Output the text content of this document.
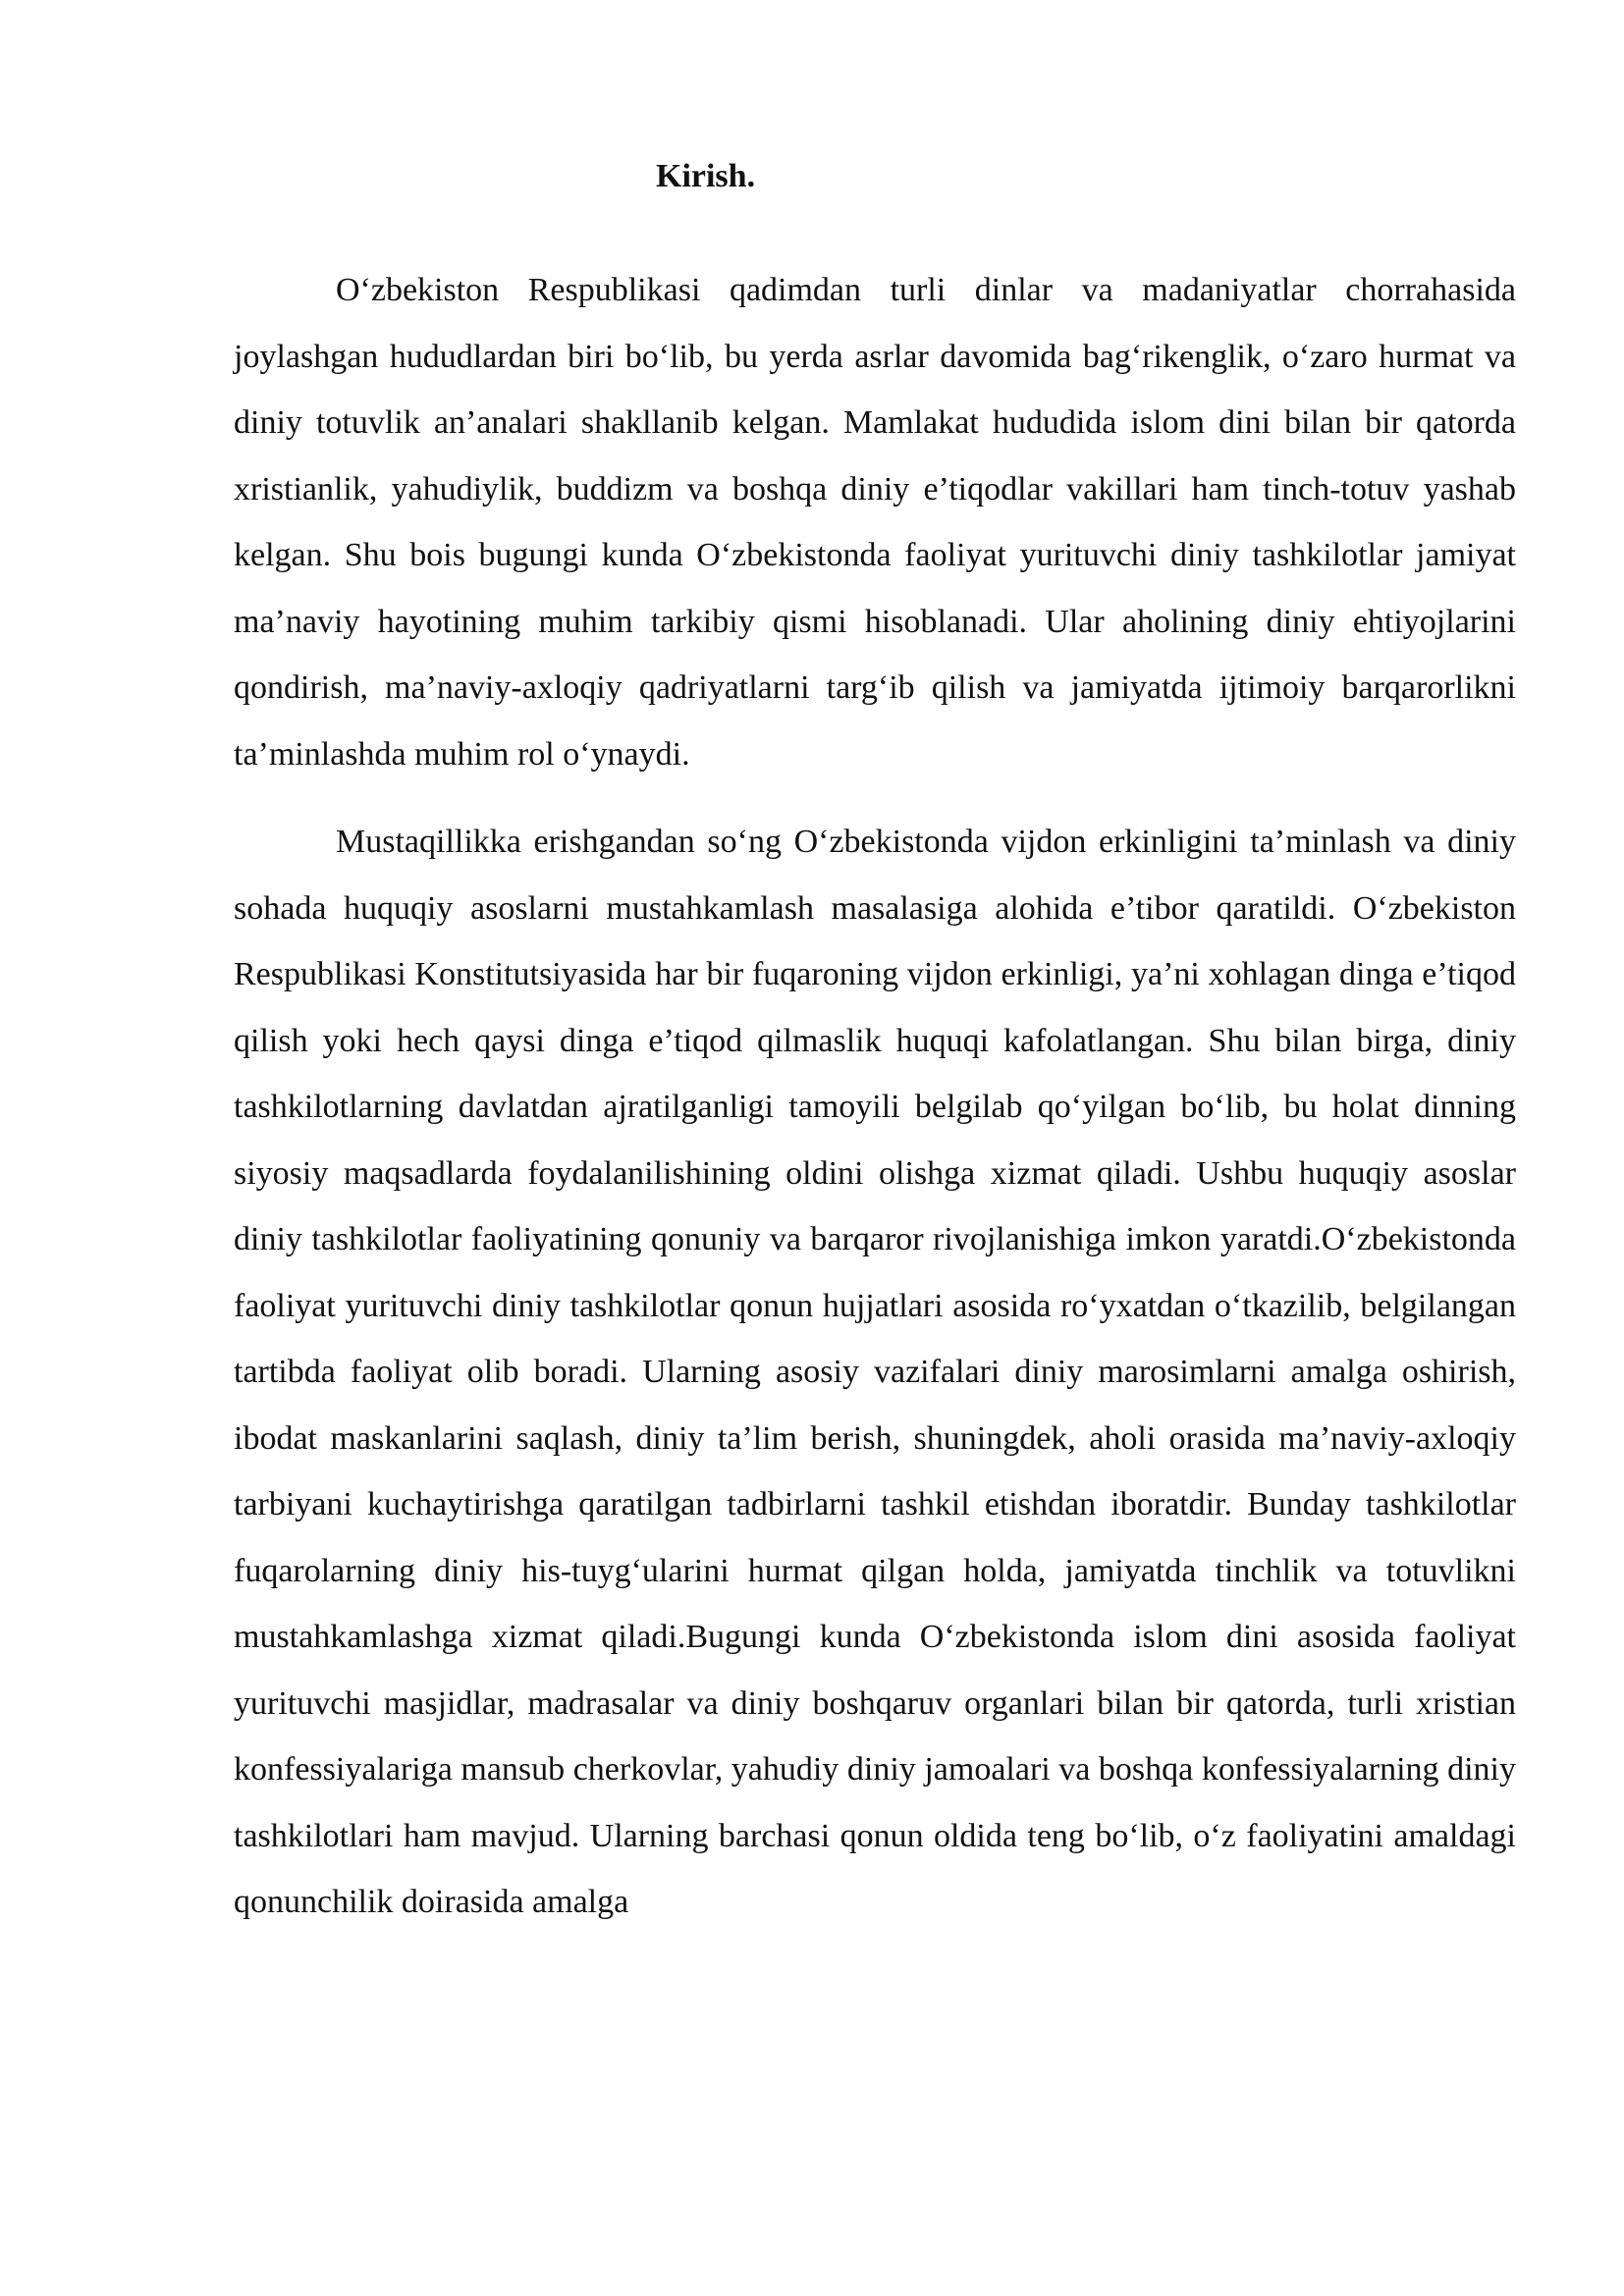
Kirish.

O‘zbekiston Respublikasi qadimdan turli dinlar va madaniyatlar chorrahasida joylashgan hududlardan biri bo‘lib, bu yerda asrlar davomida bag‘rikenglik, o‘zaro hurmat va diniy totuvlik an’analari shakllanib kelgan. Mamlakat hududida islom dini bilan bir qatorda xristianlik, yahudiylik, buddizm va boshqa diniy e’tiqodlar vakillari ham tinch-totuv yashab kelgan. Shu bois bugungi kunda O‘zbekistonda faoliyat yurituvchi diniy tashkilotlar jamiyat ma’naviy hayotining muhim tarkibiy qismi hisoblanadi. Ular aholining diniy ehtiyojlarini qondirish, ma’naviy-axloqiy qadriyatlarni targ‘ib qilish va jamiyatda ijtimoiy barqarorlikni ta’minlashda muhim rol o‘ynaydi.

Mustaqillikka erishgandan so‘ng O‘zbekistonda vijdon erkinligini ta’minlash va diniy sohada huquqiy asoslarni mustahkamlash masalasiga alohida e’tibor qaratildi. O‘zbekiston Respublikasi Konstitutsiyasida har bir fuqaroning vijdon erkinligi, ya’ni xohlagan dinga e’tiqod qilish yoki hech qaysi dinga e’tiqod qilmaslik huquqi kafolatlangan. Shu bilan birga, diniy tashkilotlarning davlatdan ajratilganligi tamoyili belgilab qo‘yilgan bo‘lib, bu holat dinning siyosiy maqsadlarda foydalanilishining oldini olishga xizmat qiladi. Ushbu huquqiy asoslar diniy tashkilotlar faoliyatining qonuniy va barqaror rivojlanishiga imkon yaratdi.O‘zbekistonda faoliyat yurituvchi diniy tashkilotlar qonun hujjatlari asosida ro‘yxatdan o‘tkazilib, belgilangan tartibda faoliyat olib boradi. Ularning asosiy vazifalari diniy marosimlarni amalga oshirish, ibodat maskanlarini saqlash, diniy ta’lim berish, shuningdek, aholi orasida ma’naviy-axloqiy tarbiyani kuchaytirishga qaratilgan tadbirlarni tashkil etishdan iboratdir. Bunday tashkilotlar fuqarolarning diniy his-tuyg‘ularini hurmat qilgan holda, jamiyatda tinchlik va totuvlikni mustahkamlashga xizmat qiladi.Bugungi kunda O‘zbekistonda islom dini asosida faoliyat yurituvchi masjidlar, madrasalar va diniy boshqaruv organlari bilan bir qatorda, turli xristian konfessiyalariga mansub cherkovlar, yahudiy diniy jamoalari va boshqa konfessiyalarning diniy tashkilotlari ham mavjud. Ularning barchasi qonun oldida teng bo‘lib, o‘z faoliyatini amaldagi qonunchilik doirasida amalga
